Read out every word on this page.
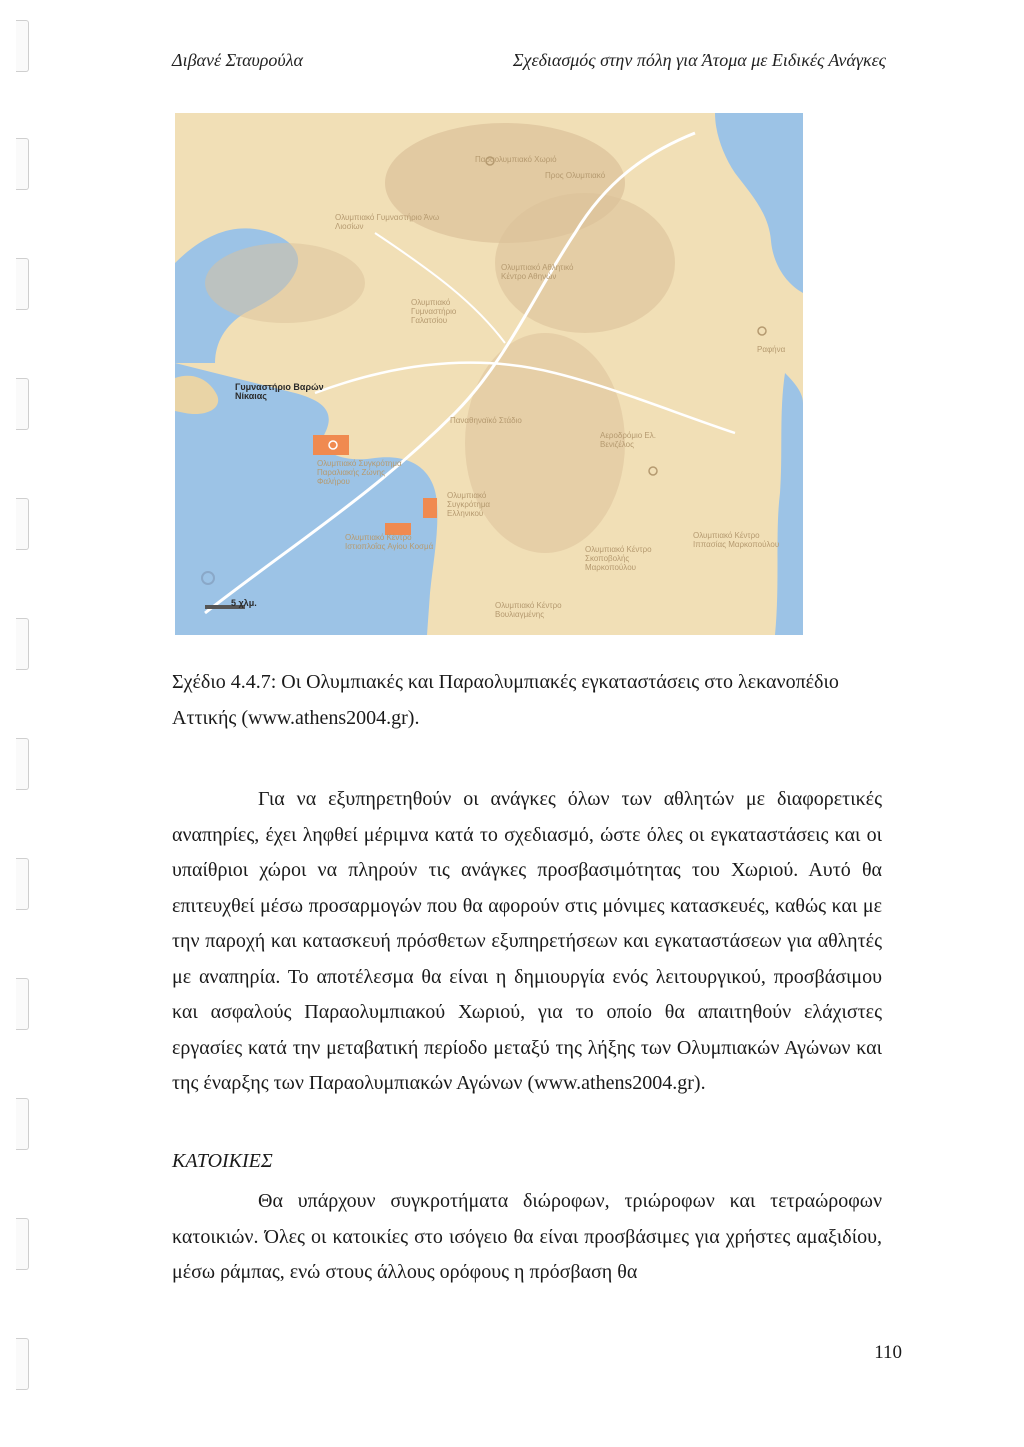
Διβανέ Σταυρούλα	Σχεδιασμός στην πόλη για Άτομα με Ειδικές Ανάγκες
Παραολυμπιακό Χωριό
Προς Ολυμπιακό
Ολυμπιακό Γυμναστήριο Άνω Λιοσίων
Ολυμπιακό Αθλητικό Κέντρο Αθηνών
Ολυμπιακό Γυμναστήριο Γαλατσίου
Γυμναστήριο Βαρών Νίκαιας
Παναθηναϊκό Στάδιο
Αεροδρόμιο Ελ. Βενιζέλος
Ολυμπιακό Συγκρότημα Παραλιακής Ζώνης Φαλήρου
Ολυμπιακό Συγκρότημα Ελληνικού
Ολυμπιακό Κέντρο Ιστιοπλοΐας Αγίου Κοσμά	Ολυμπιακό Κέντρο Σκοποβολής Μαρκοπούλου
Ολυμπιακό Κέντρο Ιππασίας Μαρκοπούλου
Ολυμπιακό Κέντρο Βουλιαγμένης
Ραφήνα
5 χλμ.
Σχέδιο 4.4.7: Οι Ολυμπιακές και Παραολυμπιακές εγκαταστάσεις στο λεκανοπέδιο Αττικής (www.athens2004.gr).

Για να εξυπηρετηθούν οι ανάγκες όλων των αθλητών με διαφορετικές αναπηρίες, έχει ληφθεί μέριμνα κατά το σχεδιασμό, ώστε όλες οι εγκαταστάσεις και οι υπαίθριοι χώροι να πληρούν τις ανάγκες προσβασιμότητας του Χωριού. Αυτό θα επιτευχθεί μέσω προσαρμογών που θα αφορούν στις μόνιμες κατασκευές, καθώς και με την παροχή και κατασκευή πρόσθετων εξυπηρετήσεων και εγκαταστάσεων για αθλητές με αναπηρία. Το αποτέλεσμα θα είναι η δημιουργία ενός λειτουργικού, προσβάσιμου και ασφαλούς Παραολυμπιακού Χωριού, για το οποίο θα απαιτηθούν ελάχιστες εργασίες κατά την μεταβατική περίοδο μεταξύ της λήξης των Ολυμπιακών Αγώνων και της έναρξης των Παραολυμπιακών Αγώνων (www.athens2004.gr).

ΚΑΤΟΙΚΙΕΣ

Θα υπάρχουν συγκροτήματα διώροφων, τριώροφων και τετραώροφων κατοικιών. Όλες οι κατοικίες στο ισόγειο θα είναι προσβάσιμες για χρήστες αμαξιδίου, μέσω ράμπας, ενώ στους άλλους ορόφους η πρόσβαση θα

110
